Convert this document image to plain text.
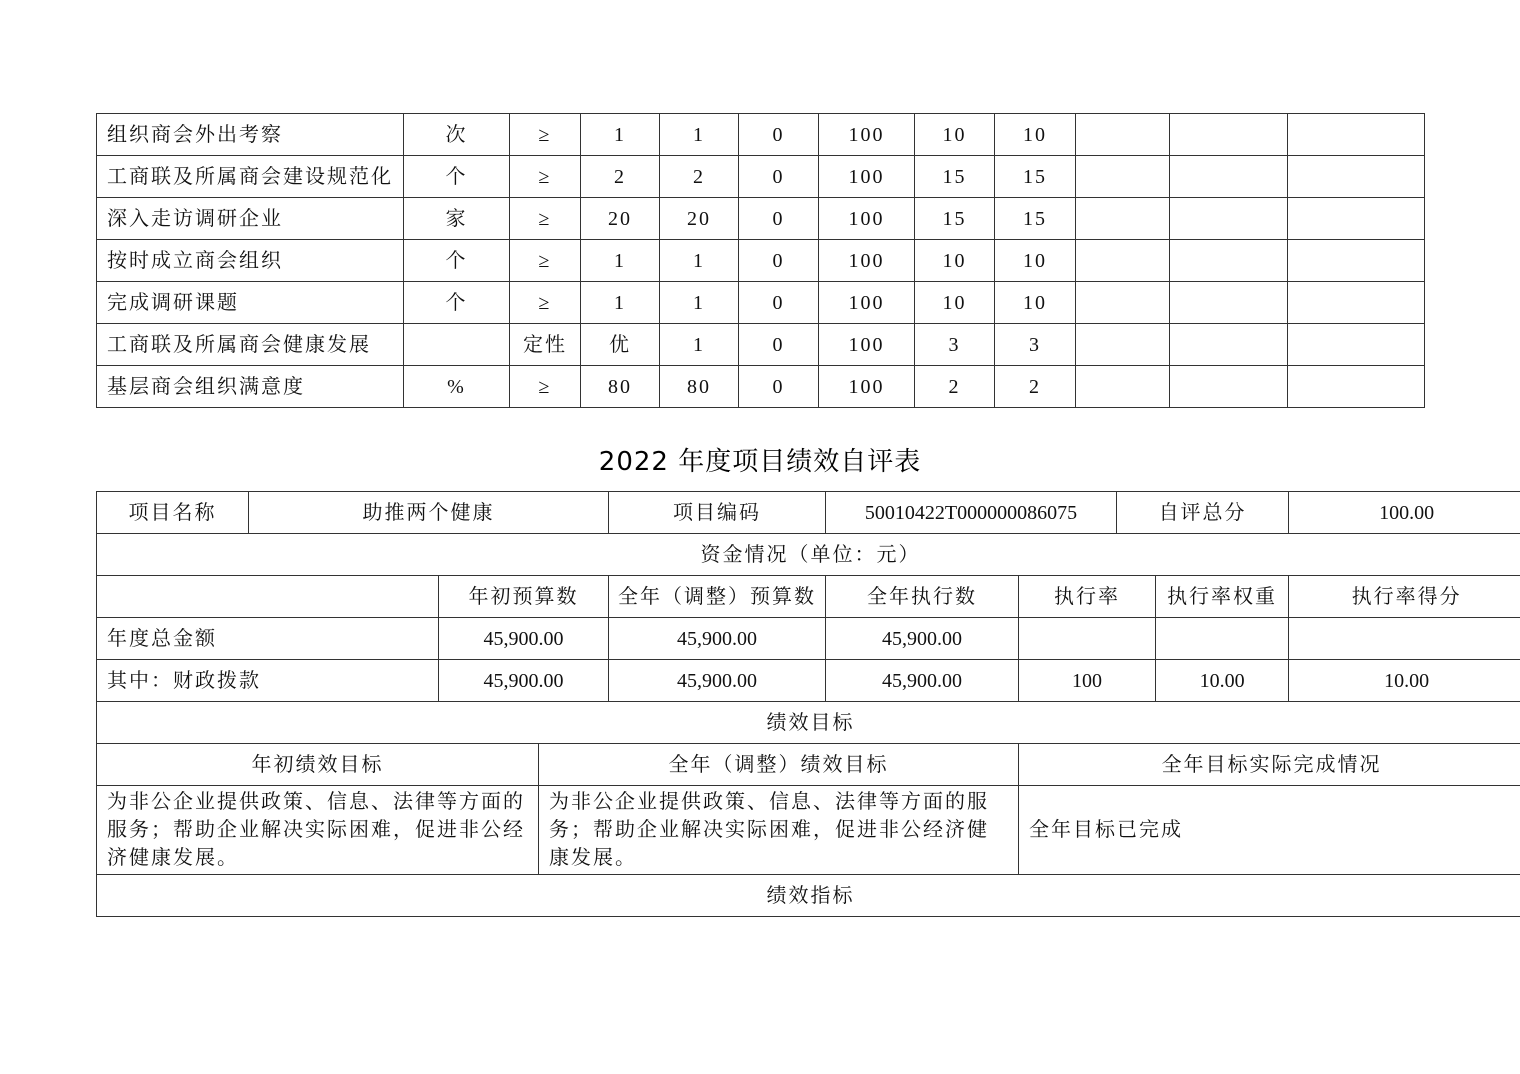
组织商会外出考察	次	≥	1	1	0	100	10	10			
工商联及所属商会建设规范化	个	≥	2	2	0	100	15	15			
深入走访调研企业	家	≥	20	20	0	100	15	15			
按时成立商会组织	个	≥	1	1	0	100	10	10			
完成调研课题	个	≥	1	1	0	100	10	10			
工商联及所属商会健康发展		定性	优	1	0	100	3	3			
基层商会组织满意度	%	≥	80	80	0	100	2	2			
2022 年度项目绩效自评表
项目名称	助推两个健康			项目编码	50010422T000000086075		自评总分		100.00
资金情况（单位：元）									
		年初预算数		全年（调整）预算数	全年执行数	执行率		执行率权重	执行率得分
年度总金额		45,900.00		45,900.00	45,900.00				
其中：财政拨款		45,900.00		45,900.00	45,900.00	100		10.00	10.00
绩效目标									
年初绩效目标			全年（调整）绩效目标			全年目标实际完成情况			
为非公企业提供政策、信息、法律等方面的服务；帮助企业解决实际困难，促进非公经济健康发展。			为非公企业提供政策、信息、法律等方面的服务；帮助企业解决实际困难，促进非公经济健康发展。			全年目标已完成			
绩效指标									
